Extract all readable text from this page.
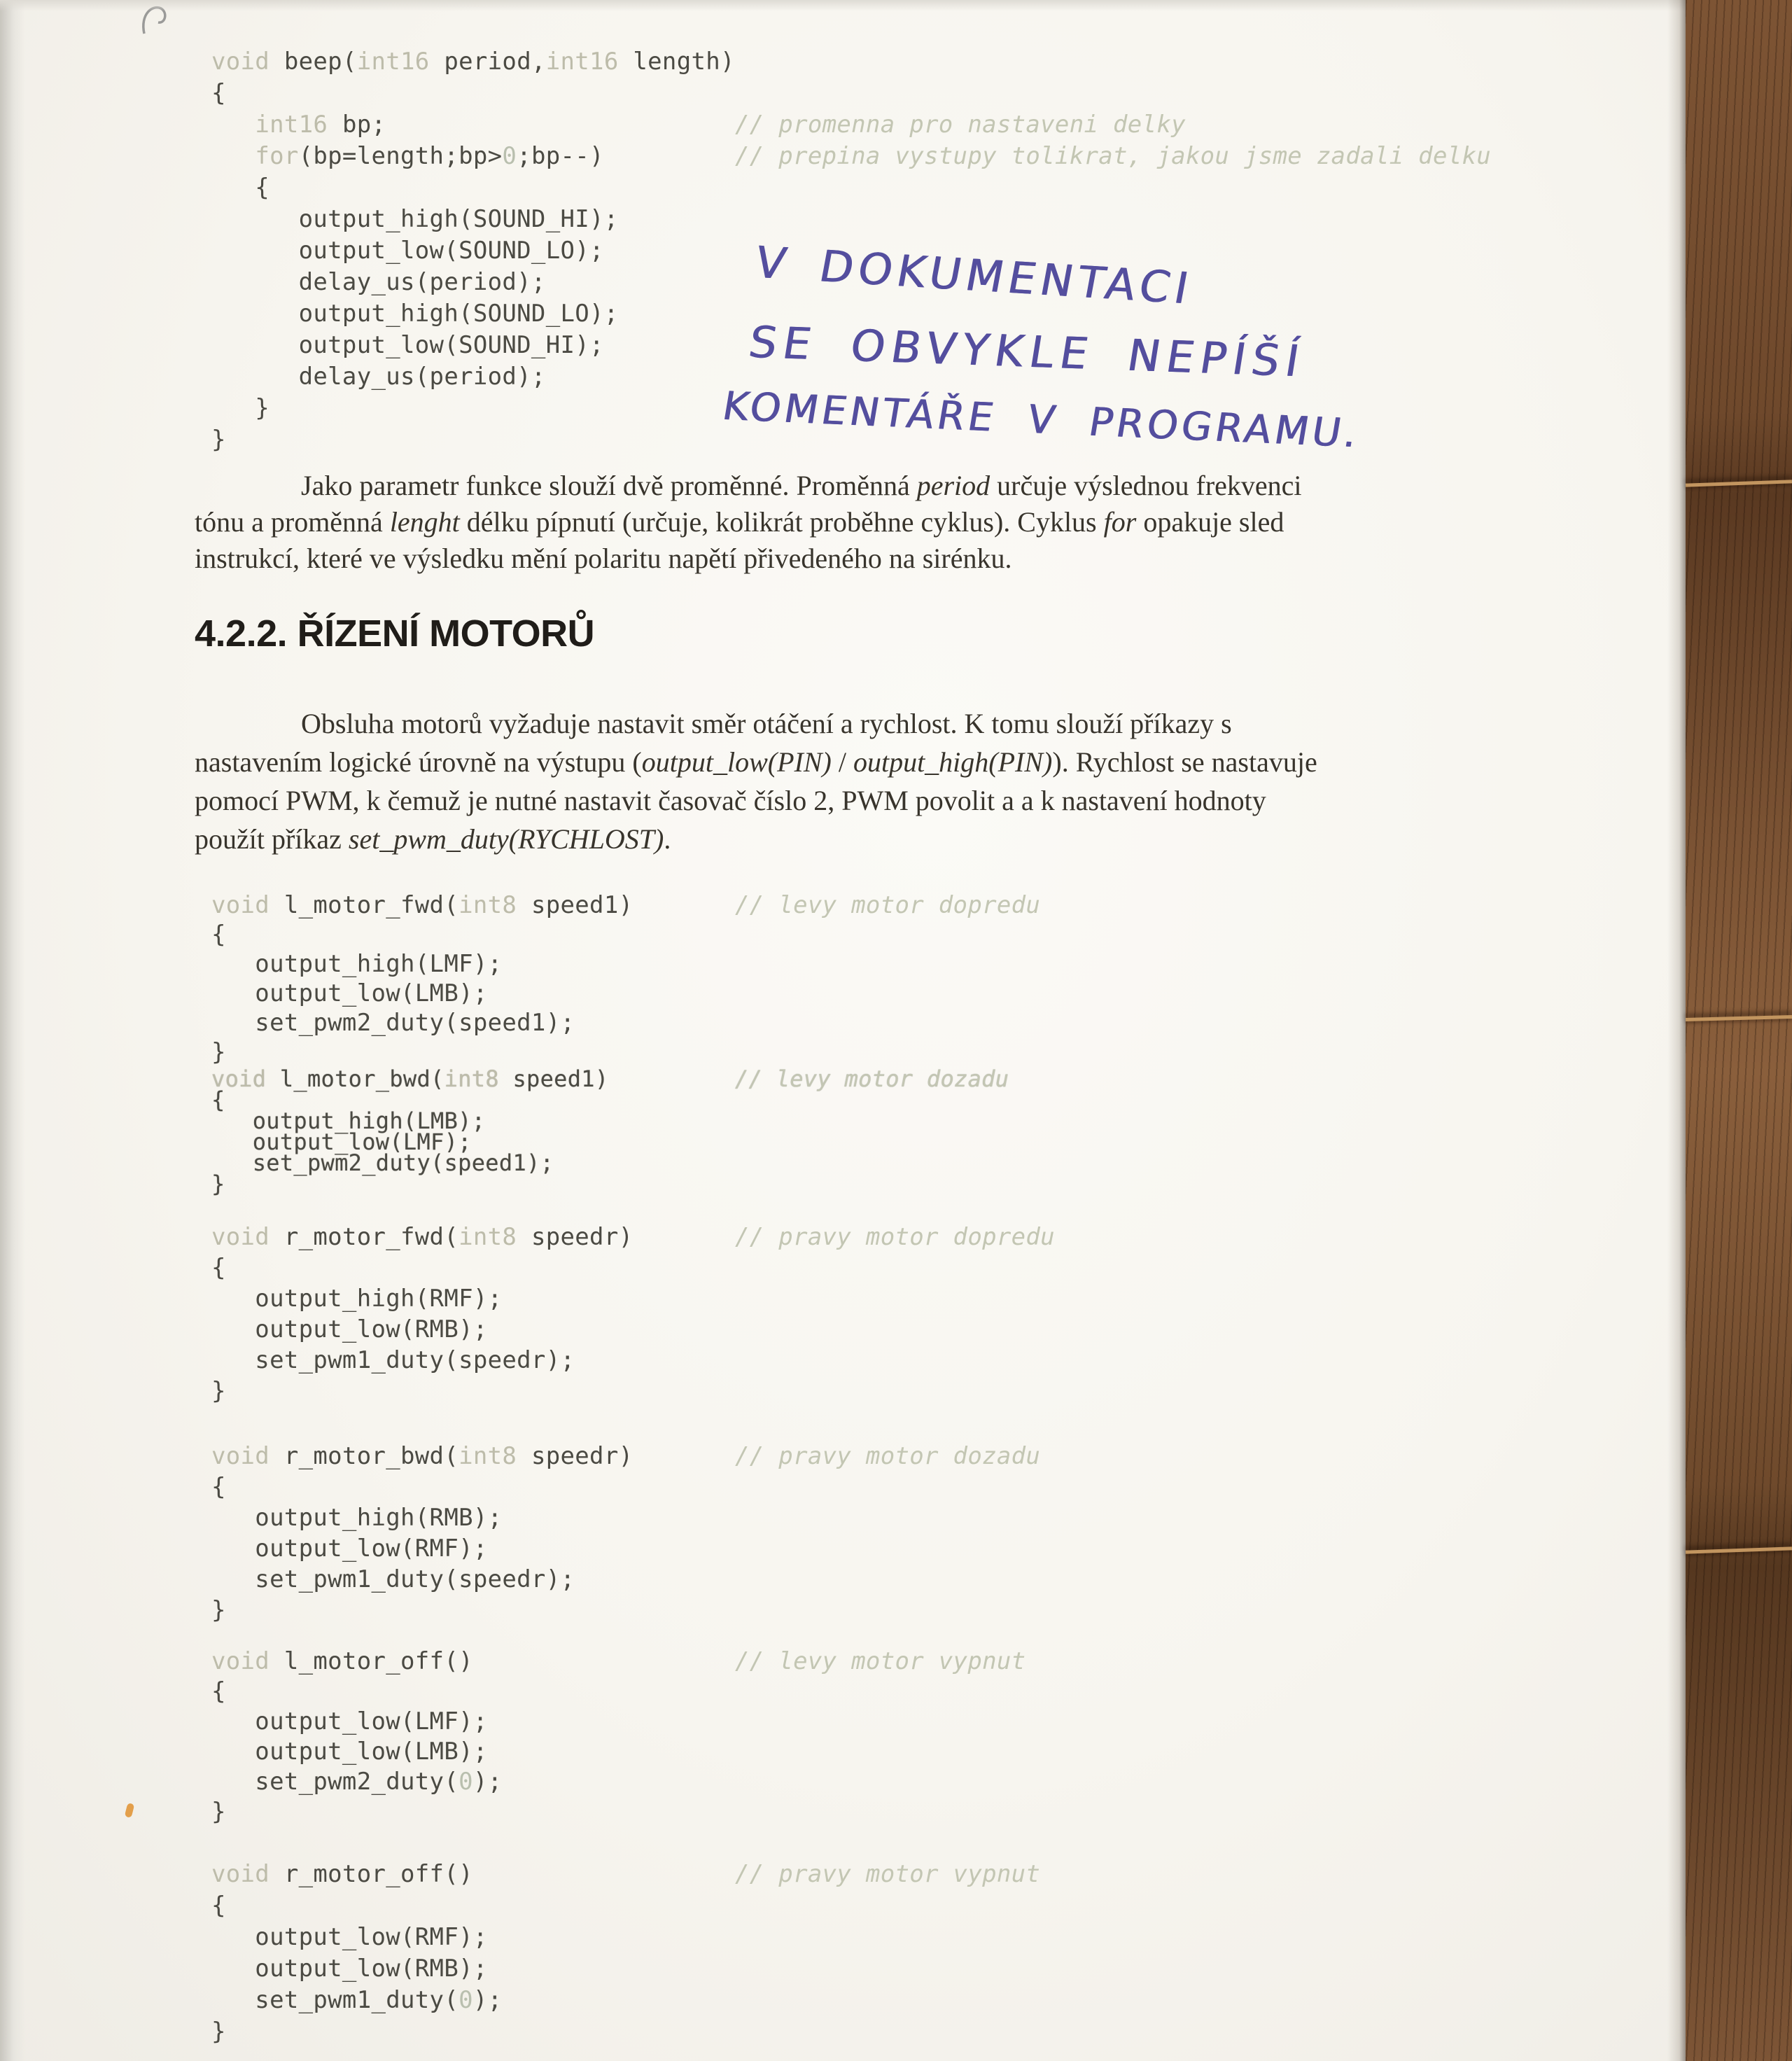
void beep(int16 period,int16 length)
{
int16 bp;	// promenna pro nastaveni delky
for(bp=length;bp>0;bp--)	// prepina vystupy tolikrat, jakou jsme zadali delku
{
output_high(SOUND_HI);
output_low(SOUND_LO);
delay_us(period);
output_high(SOUND_LO);
output_low(SOUND_HI);
delay_us(period);
}
}
V DOKUMENTACI
SE OBVYKLE NEPÍŠÍ
KOMENTÁŘE V PROGRAMU.
Jako parametr funkce slouží dvě proměnné. Proměnná period určuje výslednou frekvenci
tónu a proměnná lenght délku pípnutí (určuje, kolikrát proběhne cyklus). Cyklus for opakuje sled
instrukcí, které ve výsledku mění polaritu napětí přivedeného na sirénku.
4.2.2. ŘÍZENÍ MOTORŮ
Obsluha motorů vyžaduje nastavit směr otáčení a rychlost. K tomu slouží příkazy s
nastavením logické úrovně na výstupu (output_low(PIN) / output_high(PIN)). Rychlost se nastavuje
pomocí PWM, k čemuž je nutné nastavit časovač číslo 2, PWM povolit a a k nastavení hodnoty
použít příkaz set_pwm_duty(RYCHLOST).
void l_motor_fwd(int8 speed1)	// levy motor dopredu
{
output_high(LMF);
output_low(LMB);
set_pwm2_duty(speed1);
}
void l_motor_bwd(int8 speed1)	// levy motor dozadu
{
output_high(LMB);
output_low(LMF);
set_pwm2_duty(speed1);
}
void r_motor_fwd(int8 speedr)	// pravy motor dopredu
{
output_high(RMF);
output_low(RMB);
set_pwm1_duty(speedr);
}
void r_motor_bwd(int8 speedr)	// pravy motor dozadu
{
output_high(RMB);
output_low(RMF);
set_pwm1_duty(speedr);
}
void l_motor_off()	// levy motor vypnut
{
output_low(LMF);
output_low(LMB);
set_pwm2_duty(0);
}
void r_motor_off()	// pravy motor vypnut
{
output_low(RMF);
output_low(RMB);
set_pwm1_duty(0);
}
